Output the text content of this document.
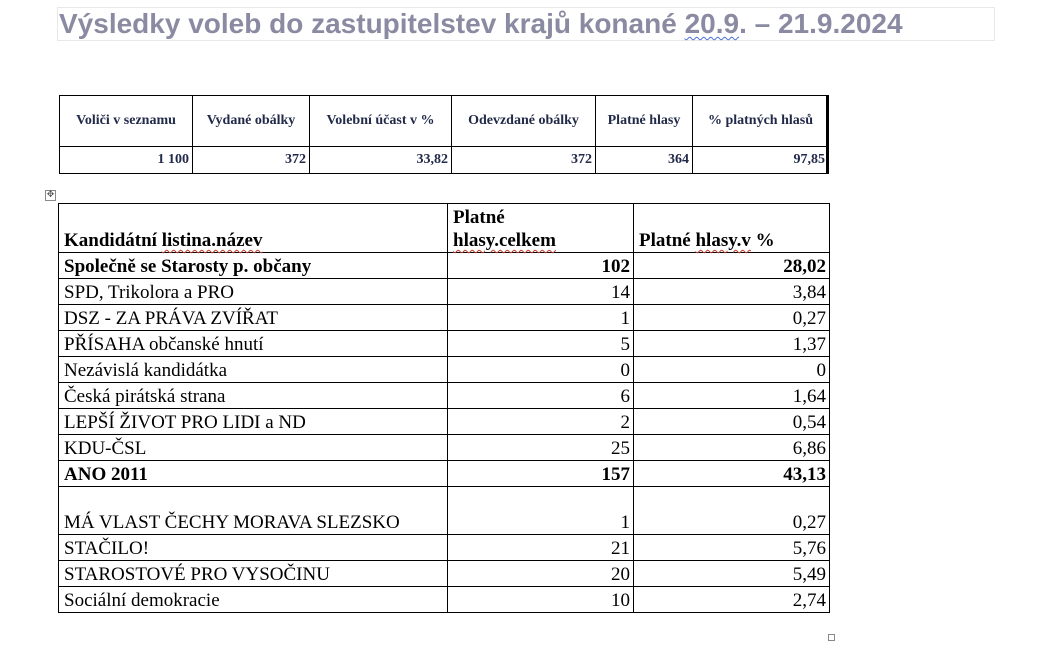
Výsledky voleb do zastupitelstev krajů konané 20.9. – 21.9.2024
Voliči v seznamu	Vydané obálky	Volební účast v %	Odevzdané obálky	Platné hlasy	% platných hlasů
1 100	372	33,82	372	364	97,85
✥
Kandidátní listina.název	Platné
hlasy.celkem	Platné hlasy.v %
Společně se Starosty p. občany	102	28,02
SPD, Trikolora a PRO	14	3,84
DSZ - ZA PRÁVA ZVÍŘAT	1	0,27
PŘÍSAHA občanské hnutí	5	1,37
Nezávislá kandidátka	0	0
Česká pirátská strana	6	1,64
LEPŠÍ ŽIVOT PRO LIDI a ND	2	0,54
KDU-ČSL	25	6,86
ANO 2011	157	43,13
MÁ VLAST ČECHY MORAVA SLEZSKO	1	0,27
STAČILO!	21	5,76
STAROSTOVÉ PRO VYSOČINU	20	5,49
Sociální demokracie	10	2,74
